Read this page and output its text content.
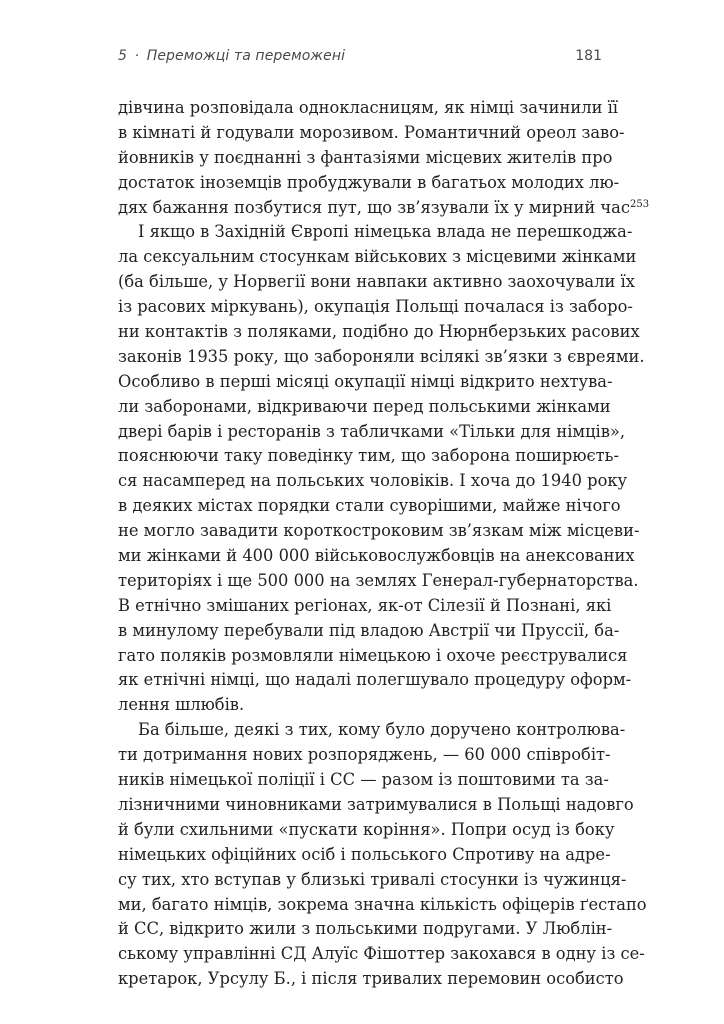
5 · Переможці та переможені	181
дівчина розповідала однокласницям, як німці зачинили її
в кімнаті й годували морозивом. Романтичний ореол заво-
йовників у поєднанні з фантазіями місцевих жителів про
достаток іноземців пробуджували в багатьох молодих лю-
дях бажання позбутися пут, що зв’язували їх у мирний час$^{253}$
І якщо в Західній Європі німецька влада не перешкоджа-
ла сексуальним стосункам військових з місцевими жінками
(ба більше, у Норвегії вони навпаки активно заохочували їх
із расових міркувань), окупація Польщі почалася із заборо-
ни контактів з поляками, подібно до Нюрнберзьких расових
законів 1935 року, що забороняли всілякі зв’язки з євреями.
Особливо в перші місяці окупації німці відкрито нехтува-
ли заборонами, відкриваючи перед польськими жінками
двері барів і ресторанів з табличками «Тільки для німців»,
пояснюючи таку поведінку тим, що заборона поширюєть-
ся насамперед на польських чоловіків. І хоча до 1940 року
в деяких містах порядки стали суворішими, майже нічого
не могло завадити короткостроковим зв’язкам між місцеви-
ми жінками й 400 000 військовослужбовців на анексованих
територіях і ще 500 000 на землях Генерал-губернаторства.
В етнічно змішаних регіонах, як-от Сілезії й Познані, які
в минулому перебували під владою Австрії чи Пруссії, ба-
гато поляків розмовляли німецькою і охоче реєструвалися
як етнічні німці, що надалі полегшувало процедуру оформ-
лення шлюбів.
Ба більше, деякі з тих, кому було доручено контролюва-
ти дотримання нових розпоряджень, — 60 000 співробіт-
ників німецької поліції і СС — разом із поштовими та за-
лізничними чиновниками затримувалися в Польщі надовго
й були схильними «пускати коріння». Попри осуд із боку
німецьких офіційних осіб і польського Спротиву на адре-
су тих, хто вступав у близькі тривалі стосунки із чужинця-
ми, багато німців, зокрема значна кількість офіцерів ґестапо
й СС, відкрито жили з польськими подругами. У Люблін-
ському управлінні СД Алуїс Фішоттер закохався в одну із се-
кретарок, Урсулу Б., і після тривалих перемовин особисто
